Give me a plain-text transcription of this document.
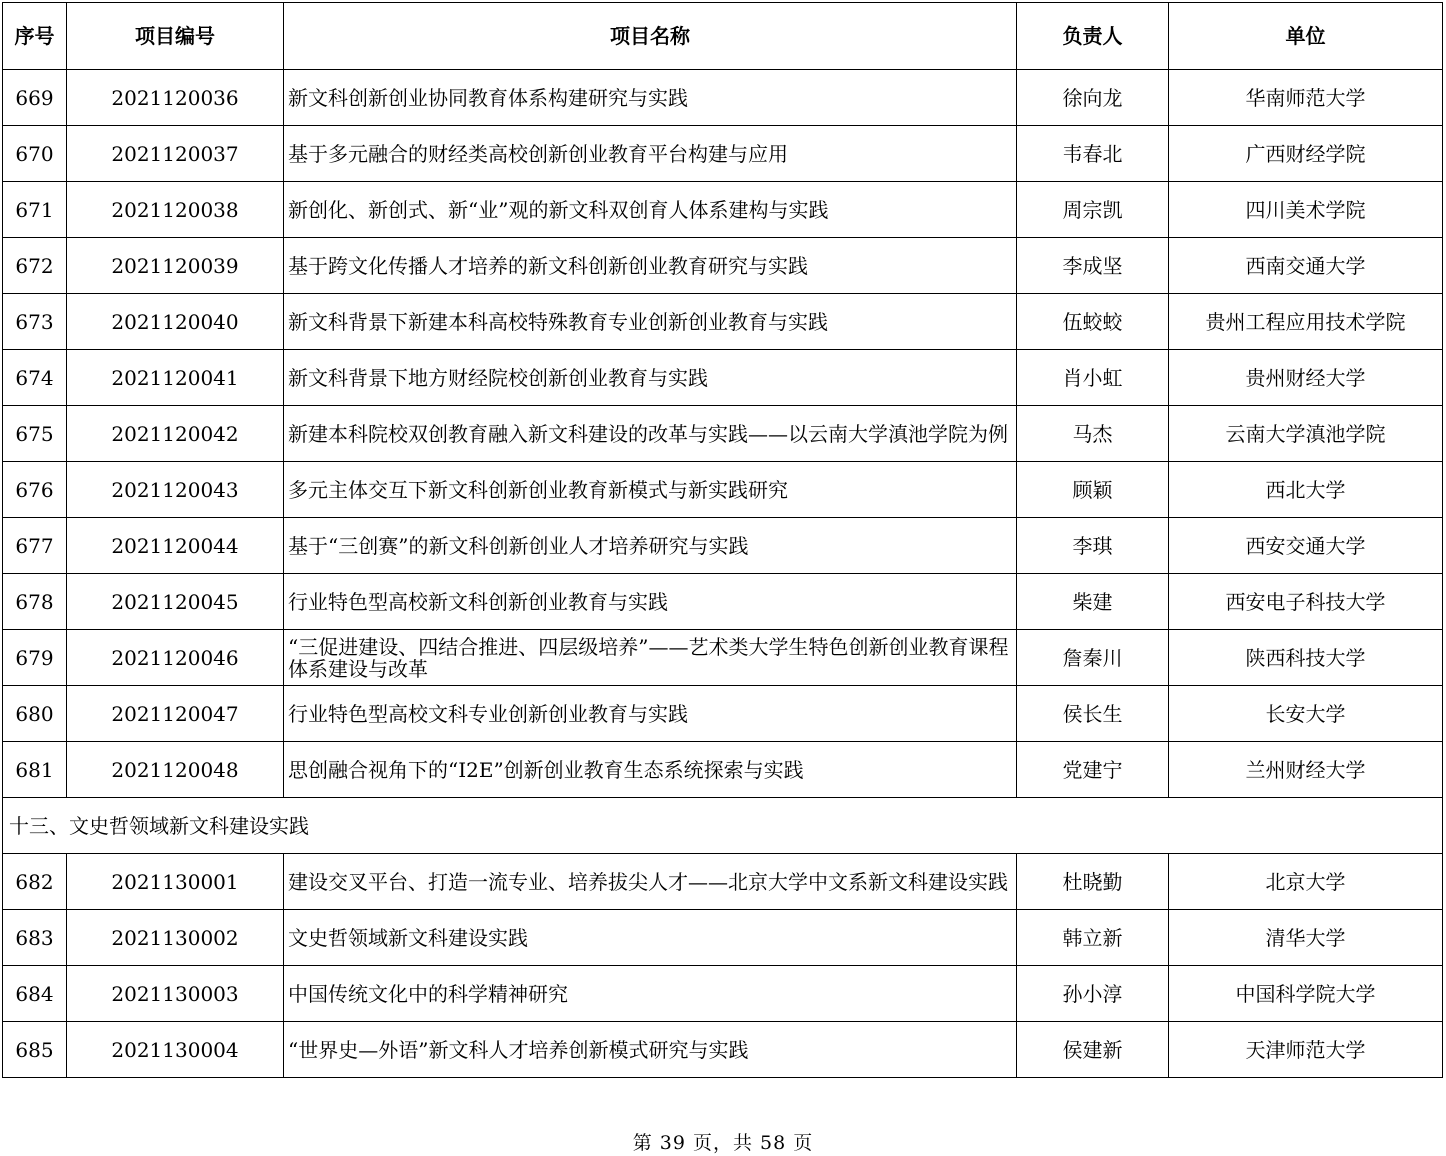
序号	项目编号	项目名称	负责人	单位
669	2021120036	新文科创新创业协同教育体系构建研究与实践	徐向龙	华南师范大学
670	2021120037	基于多元融合的财经类高校创新创业教育平台构建与应用	韦春北	广西财经学院
671	2021120038	新创化、新创式、新“业”观的新文科双创育人体系建构与实践	周宗凯	四川美术学院
672	2021120039	基于跨文化传播人才培养的新文科创新创业教育研究与实践	李成坚	西南交通大学
673	2021120040	新文科背景下新建本科高校特殊教育专业创新创业教育与实践	伍蛟蛟	贵州工程应用技术学院
674	2021120041	新文科背景下地方财经院校创新创业教育与实践	肖小虹	贵州财经大学
675	2021120042	新建本科院校双创教育融入新文科建设的改革与实践——以云南大学滇池学院为例	马杰	云南大学滇池学院
676	2021120043	多元主体交互下新文科创新创业教育新模式与新实践研究	顾颖	西北大学
677	2021120044	基于“三创赛”的新文科创新创业人才培养研究与实践	李琪	西安交通大学
678	2021120045	行业特色型高校新文科创新创业教育与实践	柴建	西安电子科技大学
679	2021120046	“三促进建设、四结合推进、四层级培养”——艺术类大学生特色创新创业教育课程体系建设与改革	詹秦川	陕西科技大学
680	2021120047	行业特色型高校文科专业创新创业教育与实践	侯长生	长安大学
681	2021120048	思创融合视角下的“I2E”创新创业教育生态系统探索与实践	党建宁	兰州财经大学
十三、文史哲领域新文科建设实践				
682	2021130001	建设交叉平台、打造一流专业、培养拔尖人才——北京大学中文系新文科建设实践	杜晓勤	北京大学
683	2021130002	文史哲领域新文科建设实践	韩立新	清华大学
684	2021130003	中国传统文化中的科学精神研究	孙小淳	中国科学院大学
685	2021130004	“世界史—外语”新文科人才培养创新模式研究与实践	侯建新	天津师范大学
第 39 页，共 58 页
